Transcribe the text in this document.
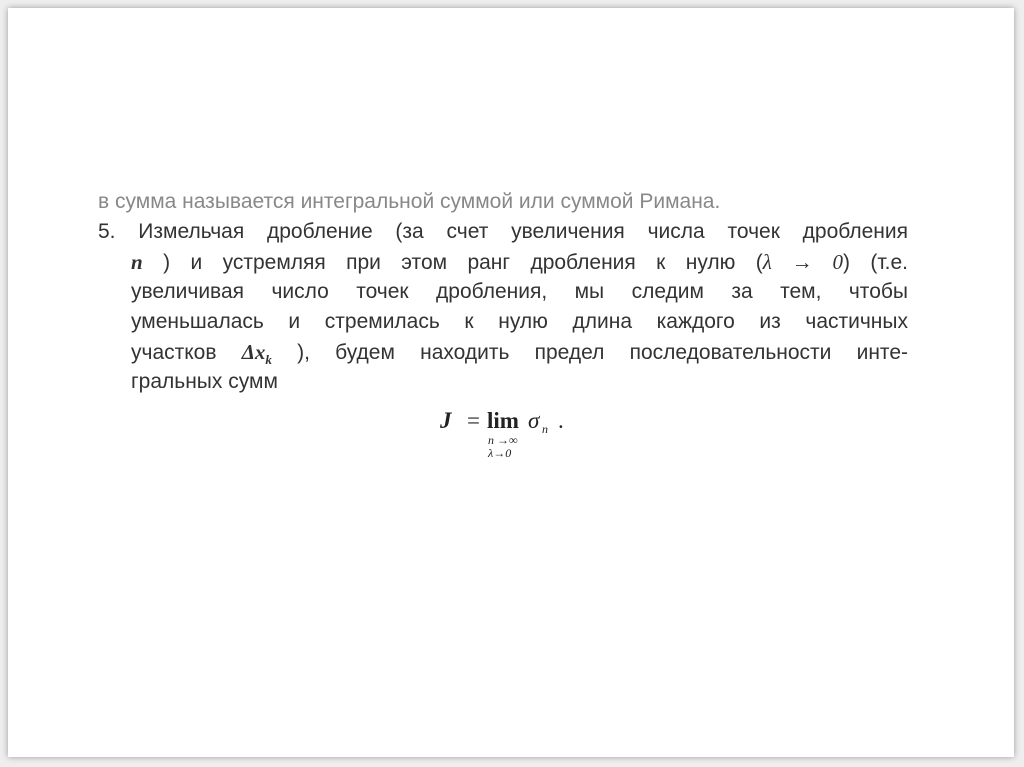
в сумма называется интегральной суммой или суммой Римана.
5. Измельчая дробление (за счет увеличения числа точек дробления
n ) и устремляя при этом ранг дробления к нулю (λ → 0) (т.е.
увеличивая число точек дробления, мы следим за тем, чтобы
уменьшалась и стремилась к нулю длина каждого из частичных
участков $\Delta x_k$ ), будем находить предел последовательности инте-
гральных сумм
J = lim σ n .
n →∞
λ→0
